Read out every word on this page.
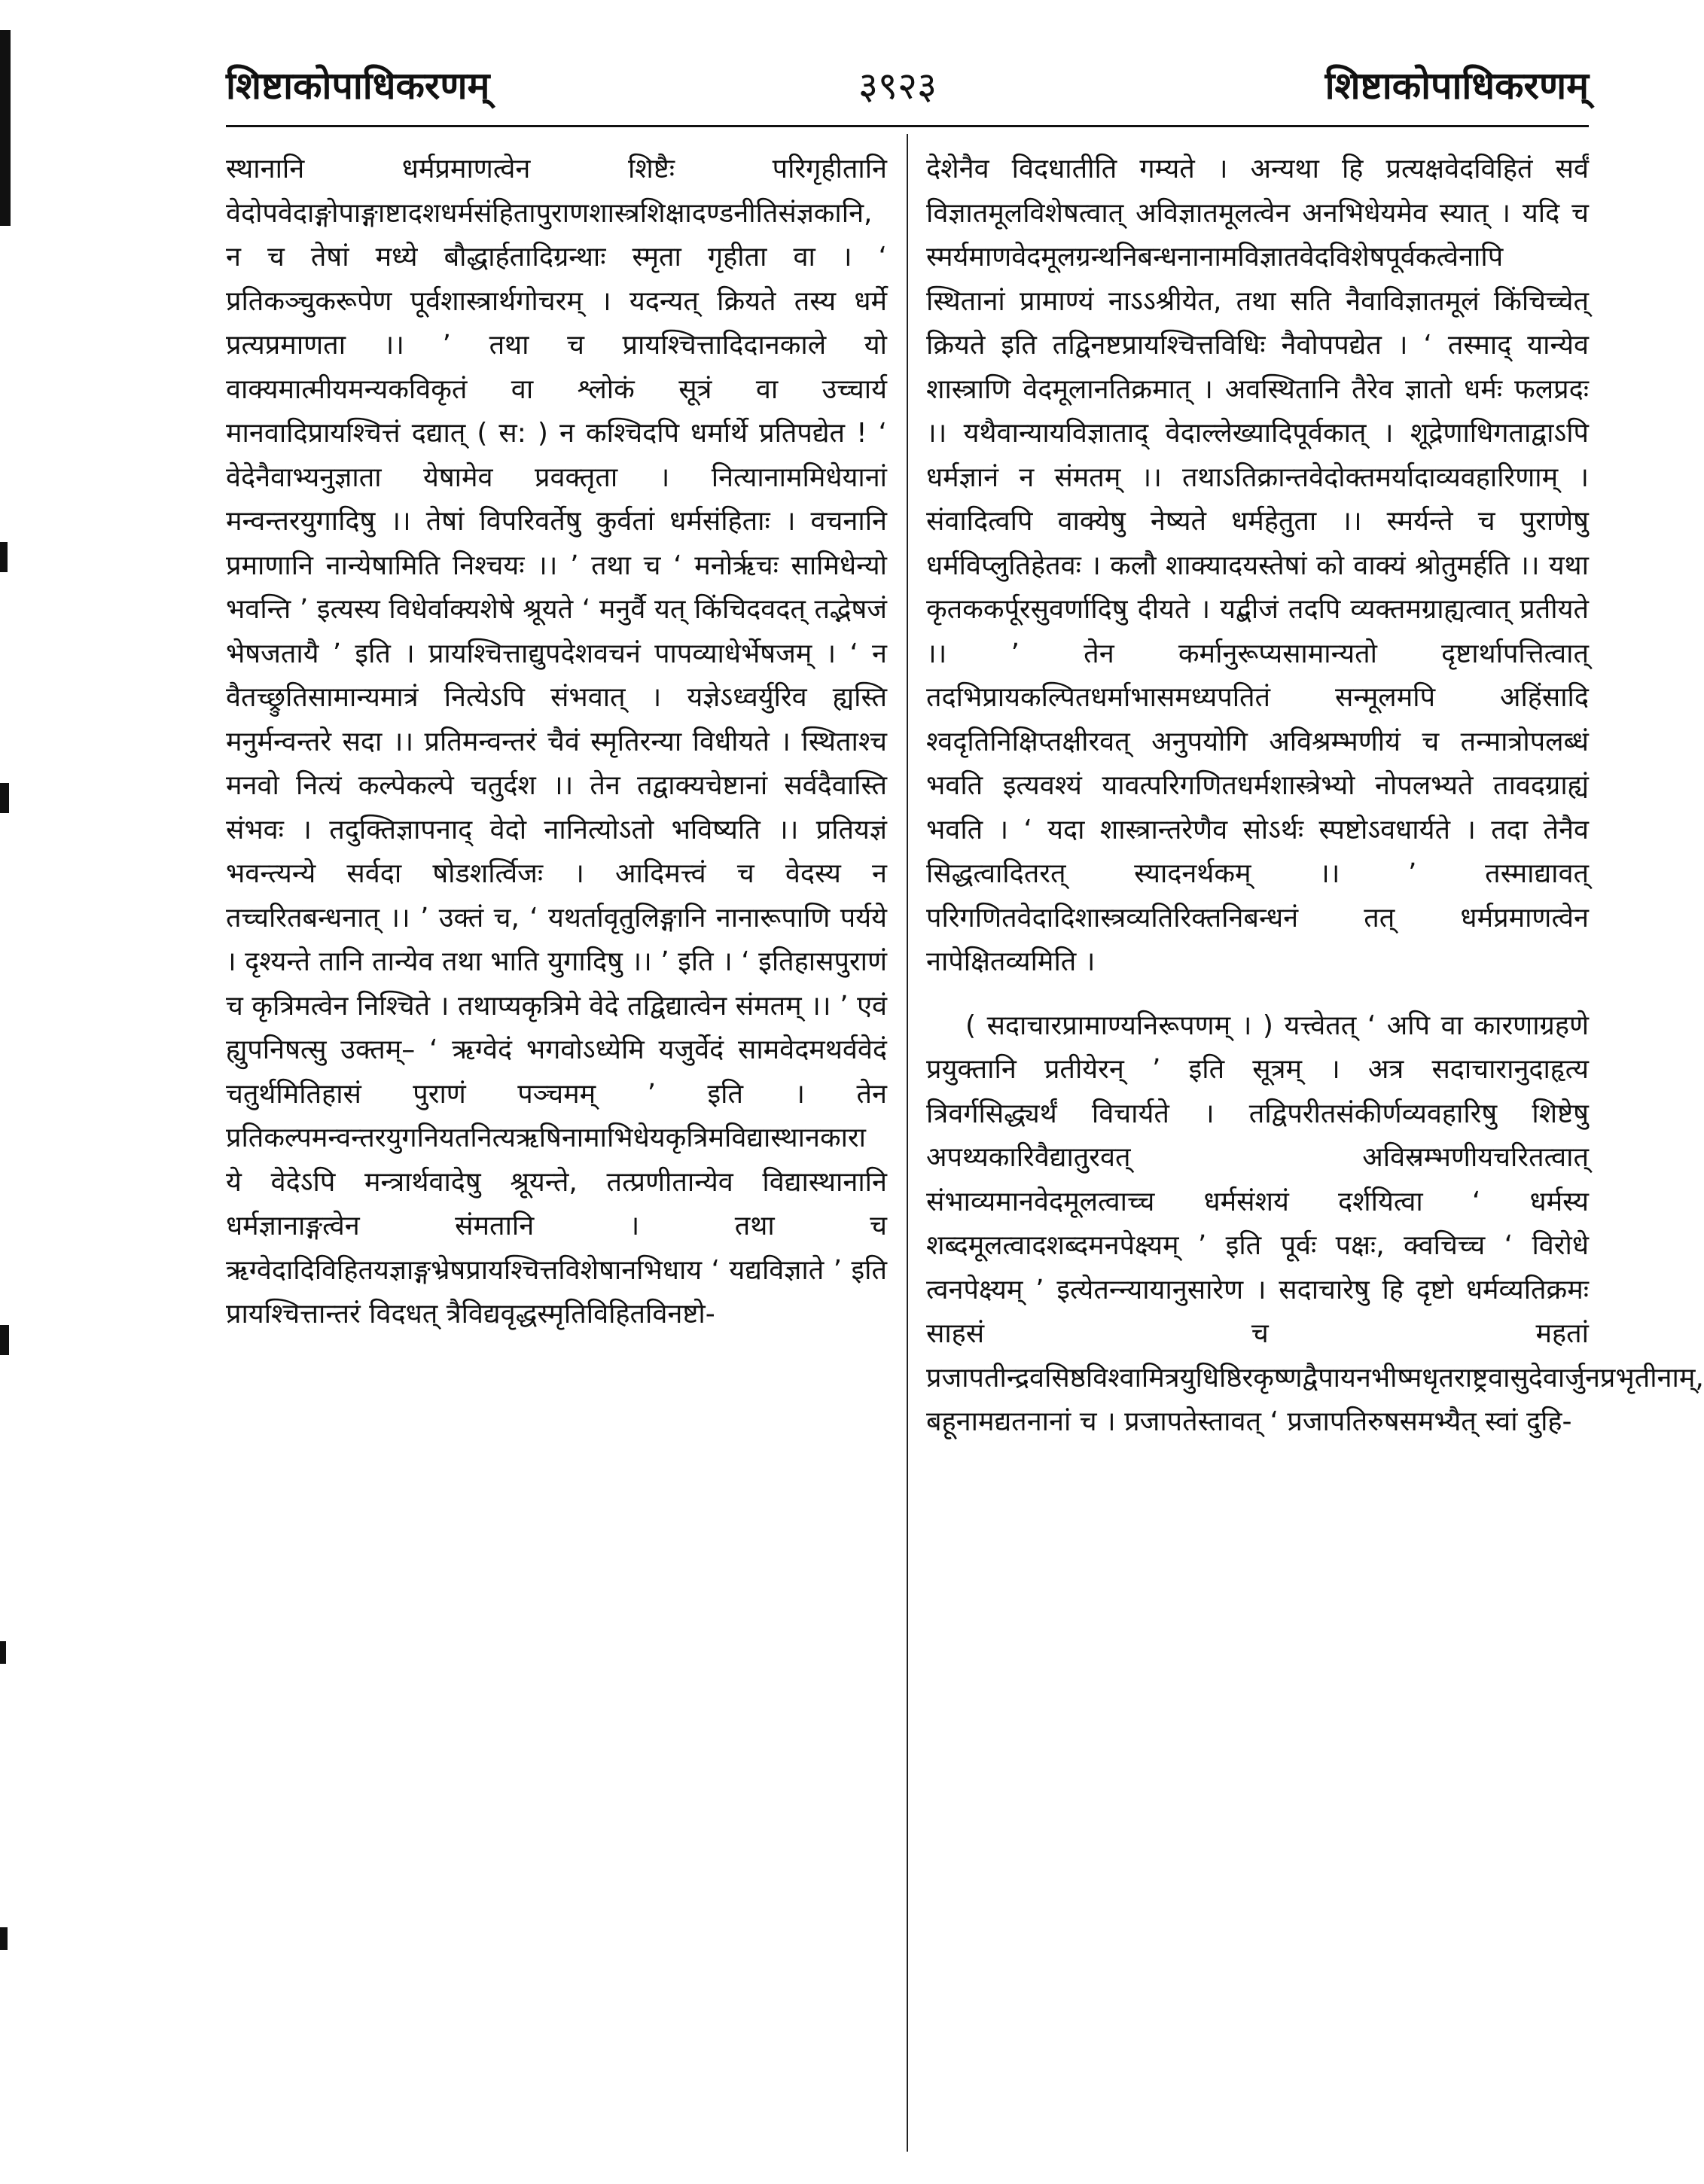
शिष्टाकोपाधिकरणम्	३९२३	शिष्टाकोपाधिकरणम्

स्थानानि धर्मप्रमाणत्वेन शिष्टैः परिगृहीतानि वेदोपवेदाङ्गोपाङ्गाष्टादशधर्मसंहितापुराणशास्त्रशिक्षादण्डनीतिसंज्ञकानि, न च तेषां मध्ये बौद्धार्हतादिग्रन्थाः स्मृता गृहीता वा । ‘ प्रतिकञ्चुकरूपेण पूर्वशास्त्रार्थगोचरम् । यदन्यत् क्रियते तस्य धर्मे प्रत्यप्रमाणता ।। ’ तथा च प्रायश्चित्तादिदानकाले यो वाक्यमात्मीयमन्यकविकृतं वा श्लोकं सूत्रं वा उच्चार्य मानवादिप्रायश्चित्तं दद्यात् ( स: ) न कश्चिदपि धर्मार्थे प्रतिपद्येत ! ‘ वेदेनैवाभ्यनुज्ञाता येषामेव प्रवक्तृता । नित्यानाममिधेयानां मन्वन्तरयुगादिषु ।। तेषां विपरिवर्तेषु कुर्वतां धर्मसंहिताः । वचनानि प्रमाणानि नान्येषामिति निश्चयः ।। ’ तथा च ‘ मनोर्ऋचः सामिधेन्यो भवन्ति ’ इत्यस्य विधेर्वाक्यशेषे श्रूयते ‘ मनुर्वै यत् किंचिदवदत् तद्भेषजं भेषजतायै ’ इति । प्रायश्चित्ताद्युपदेशवचनं पापव्याधेर्भेषजम् । ‘ न वैतच्छ्रुतिसामान्यमात्रं नित्येऽपि संभवात् । यज्ञेऽध्वर्युरिव ह्यस्ति मनुर्मन्वन्तरे सदा ।। प्रतिमन्वन्तरं चैवं स्मृतिरन्या विधीयते । स्थिताश्च मनवो नित्यं कल्पेकल्पे चतुर्दश ।। तेन तद्वाक्यचेष्टानां सर्वदैवास्ति संभवः । तदुक्तिज्ञापनाद् वेदो नानित्योऽतो भविष्यति ।। प्रतियज्ञं भवन्त्यन्ये सर्वदा षोडशर्त्विजः । आदिमत्त्वं च वेदस्य न तच्चरितबन्धनात् ।। ’ उक्तं च, ‘ यथर्तावृतुलिङ्गानि नानारूपाणि पर्यये । दृश्यन्ते तानि तान्येव तथा भाति युगादिषु ।। ’ इति । ‘ इतिहासपुराणं च कृत्रिमत्वेन निश्चिते । तथाप्यकृत्रिमे वेदे तद्विद्यात्वेन संमतम् ।। ’ एवं ह्युपनिषत्सु उक्तम्– ‘ ऋग्वेदं भगवोऽध्येमि यजुर्वेदं सामवेदमथर्ववेदं चतुर्थमितिहासं पुराणं पञ्चमम् ’ इति । तेन प्रतिकल्पमन्वन्तरयुगनियतनित्यऋषिनामाभिधेयकृत्रिमविद्यास्थानकारा ये वेदेऽपि मन्त्रार्थवादेषु श्रूयन्ते, तत्प्रणीतान्येव विद्यास्थानानि धर्मज्ञानाङ्गत्वेन संमतानि । तथा च ऋग्वेदादिविहितयज्ञाङ्गभ्रेषप्रायश्चित्तविशेषानभिधाय ‘ यद्यविज्ञाते ’ इति प्रायश्चित्तान्तरं विदधत् त्रैविद्यवृद्धस्मृतिविहितविनष्टो-

देशेनैव विदधातीति गम्यते । अन्यथा हि प्रत्यक्षवेदविहितं सर्वं विज्ञातमूलविशेषत्वात् अविज्ञातमूलत्वेन अनभिधेयमेव स्यात् । यदि च स्मर्यमाणवेदमूलग्रन्थनिबन्धनानामविज्ञातवेदविशेषपूर्वकत्वेनापि स्थितानां प्रामाण्यं नाऽऽश्रीयेत, तथा सति नैवाविज्ञातमूलं किंचिच्चेत् क्रियते इति तद्विनष्टप्रायश्चित्तविधिः नैवोपपद्येत । ‘ तस्माद् यान्येव शास्त्राणि वेदमूलानतिक्रमात् । अवस्थितानि तैरेव ज्ञातो धर्मः फलप्रदः ।। यथैवान्यायविज्ञाताद् वेदाल्लेख्यादिपूर्वकात् । शूद्रेणाधिगताद्वाऽपि धर्मज्ञानं न संमतम् ।। तथाऽतिक्रान्तवेदोक्तमर्यादाव्यवहारिणाम् । संवादित्वपि वाक्येषु नेष्यते धर्महेतुता ।। स्मर्यन्ते च पुराणेषु धर्मविप्लुतिहेतवः । कलौ शाक्यादयस्तेषां को वाक्यं श्रोतुमर्हति ।। यथा कृतककर्पूरसुवर्णादिषु दीयते । यद्बीजं तदपि व्यक्तमग्राह्यत्वात् प्रतीयते ।। ’ तेन कर्मानुरूप्यसामान्यतो दृष्टार्थापत्तित्वात् तदभिप्रायकल्पितधर्माभासमध्यपतितं सन्मूलमपि अहिंसादि श्वदृतिनिक्षिप्तक्षीरवत् अनुपयोगि अविश्रम्भणीयं च तन्मात्रोपलब्धं भवति इत्यवश्यं यावत्परिगणितधर्मशास्त्रेभ्यो नोपलभ्यते तावदग्राह्यं भवति । ‘ यदा शास्त्रान्तरेणैव सोऽर्थः स्पष्टोऽवधार्यते । तदा तेनैव सिद्धत्वादितरत् स्यादनर्थकम् ।। ’ तस्माद्यावत् परिगणितवेदादिशास्त्रव्यतिरिक्तनिबन्धनं तत् धर्मप्रमाणत्वेन नापेक्षितव्यमिति ।

( सदाचारप्रामाण्यनिरूपणम् । ) यत्त्वेतत् ‘ अपि वा कारणाग्रहणे प्रयुक्तानि प्रतीयेरन् ’ इति सूत्रम् । अत्र सदाचारानुदाहृत्य त्रिवर्गसिद्ध्यर्थं विचार्यते । तद्विपरीतसंकीर्णव्यवहारिषु शिष्टेषु अपथ्यकारिवैद्यातुरवत् अविस्रम्भणीयचरितत्वात् संभाव्यमानवेदमूलत्वाच्च धर्मसंशयं दर्शयित्वा ‘ धर्मस्य शब्दमूलत्वादशब्दमनपेक्ष्यम् ’ इति पूर्वः पक्षः, क्वचिच्च ‘ विरोधे त्वनपेक्ष्यम् ’ इत्येतन्न्यायानुसारेण । सदाचारेषु हि दृष्टो धर्मव्यतिक्रमः साहसं च महतां प्रजापतीन्द्रवसिष्ठविश्वामित्रयुधिष्ठिरकृष्णद्वैपायनभीष्मधृतराष्ट्रवासुदेवार्जुनप्रभृतीनाम्, बहूनामद्यतनानां च । प्रजापतेस्तावत् ‘ प्रजापतिरुषसमभ्यैत् स्वां दुहि-
